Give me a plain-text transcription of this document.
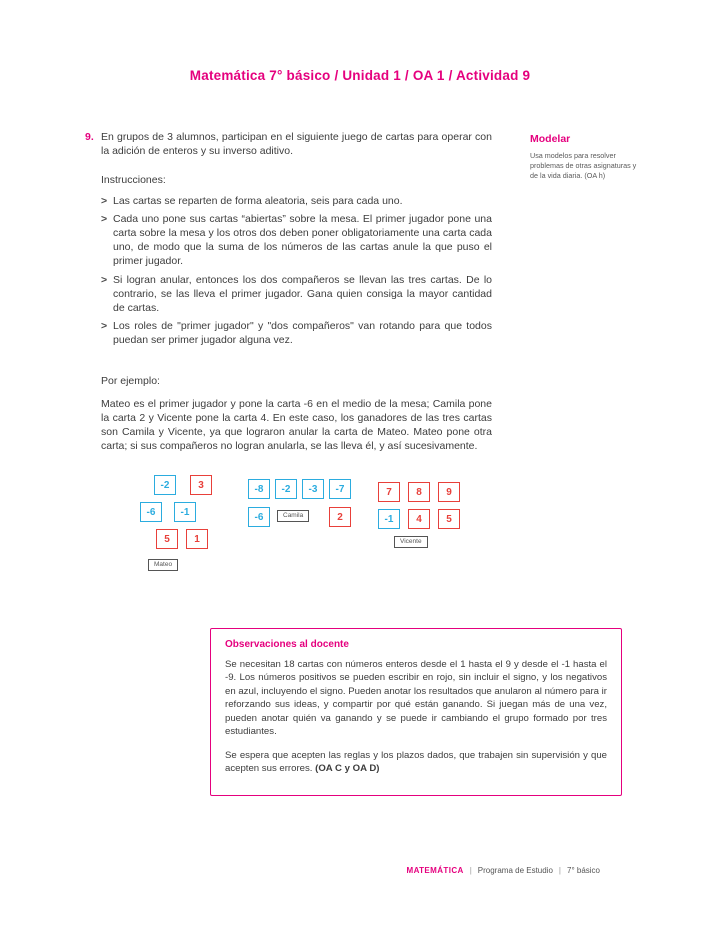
Matemática 7° básico / Unidad 1 / OA 1 / Actividad 9
9. En grupos de 3 alumnos, participan en el siguiente juego de cartas para operar con la adición de enteros y su inverso aditivo.

Instrucciones:

> Las cartas se reparten de forma aleatoria, seis para cada uno.
> Cada uno pone sus cartas “abiertas” sobre la mesa. El primer jugador pone una carta sobre la mesa y los otros dos deben poner obligatoriamente una carta cada uno, de modo que la suma de los números de las cartas anule la que puso el primer jugador.
> Si logran anular, entonces los dos compañeros se llevan las tres cartas. De lo contrario, se las lleva el primer jugador. Gana quien consiga la mayor cantidad de cartas.
> Los roles de "primer jugador" y "dos compañeros" van rotando para que todos puedan ser primer jugador alguna vez.

Por ejemplo:

Mateo es el primer jugador y pone la carta -6 en el medio de la mesa; Camila pone la carta 2 y Vicente pone la carta 4. En este caso, los ganadores de las tres cartas son Camila y Vicente, ya que lograron anular la carta de Mateo. Mateo pone otra carta; si sus compañeros no logran anularla, se las lleva él, y así sucesivamente.

-2	3
-6	-1
5	1
Mateo
-8	-2	-3	-7
-6	Camila	2
7	8	9
-1	4	5
Vicente
Modelar

Usa modelos para resolver problemas de otras asignaturas y de la vida diaria. (OA h)

Observaciones al docente

Se necesitan 18 cartas con números enteros desde el 1 hasta el 9 y desde el -1 hasta el -9. Los números positivos se pueden escribir en rojo, sin incluir el signo, y los negativos en azul, incluyendo el signo. Pueden anotar los resultados que anularon al número para ir reforzando sus ideas, y compartir por qué están ganando. Si juegan más de una vez, pueden anotar quién va ganando y se puede ir cambiando el grupo formado por tres estudiantes.

Se espera que acepten las reglas y los plazos dados, que trabajen sin supervisión y que acepten sus errores. (OA C y OA D)

MATEMÁTICA | Programa de Estudio | 7° básico
